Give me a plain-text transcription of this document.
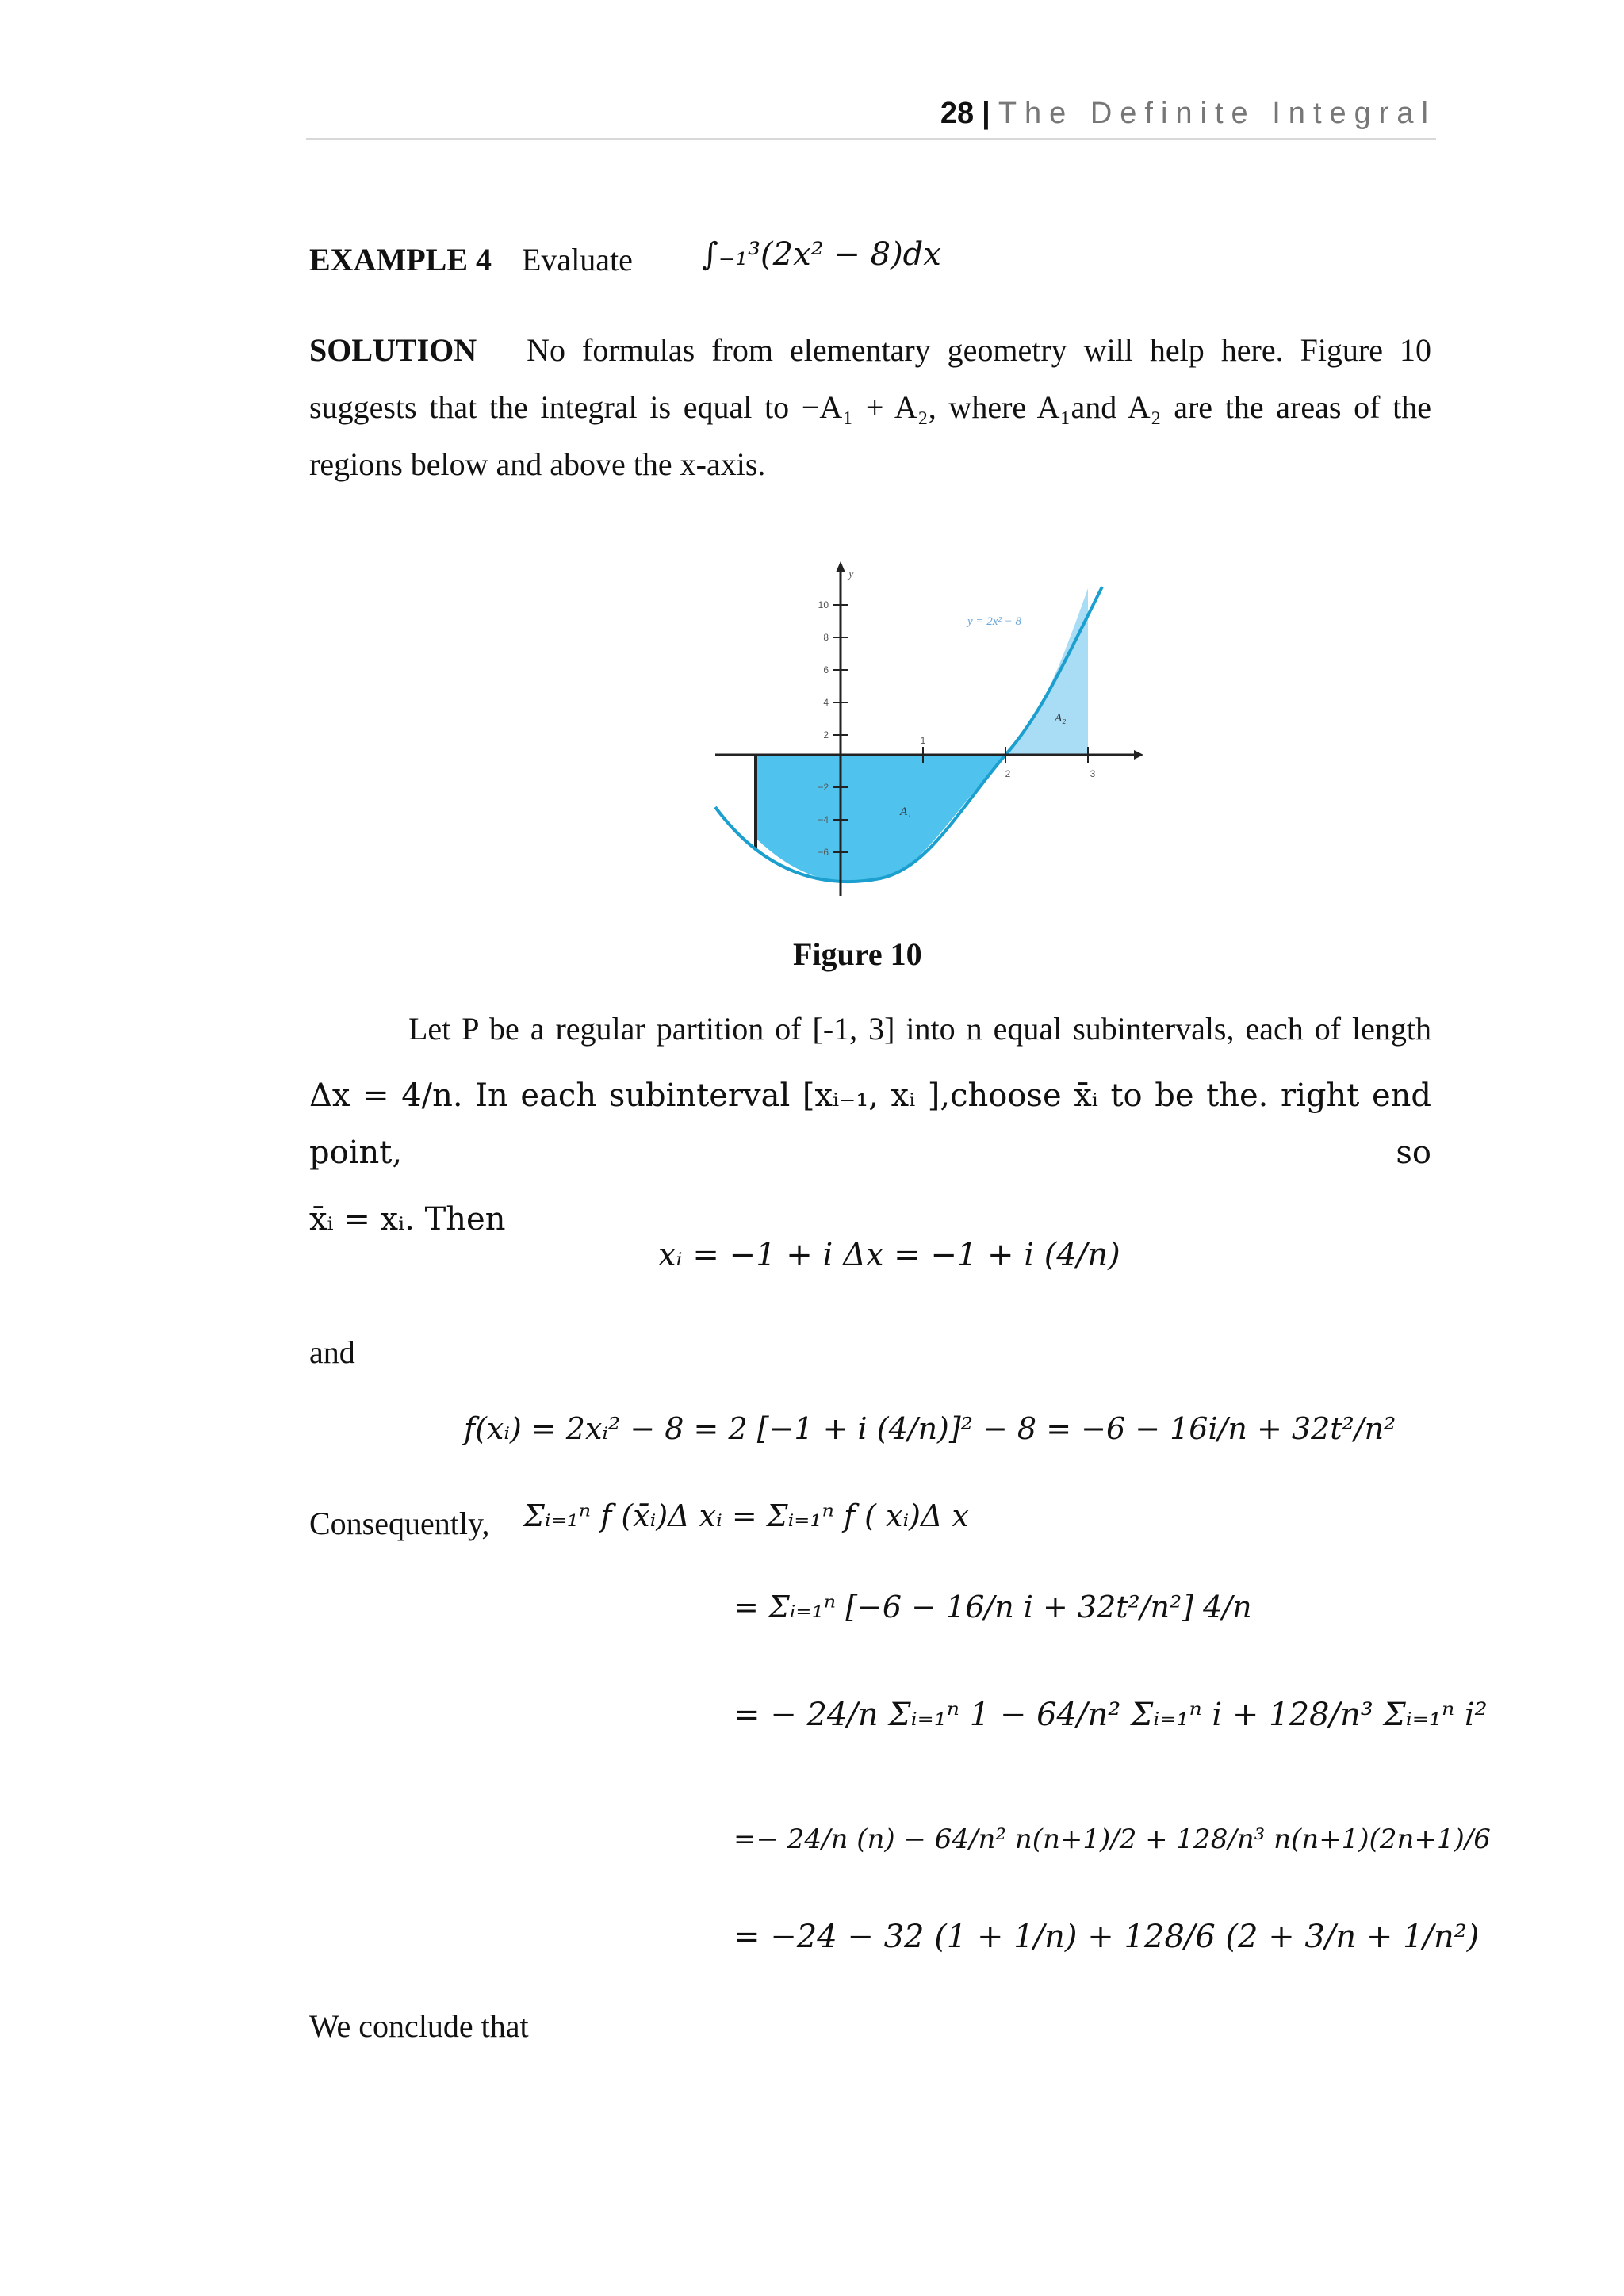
28 | The Definite Integral
EXAMPLE 4 Evaluate ∫₋₁³(2x² − 8)dx
SOLUTION No formulas from elementary geometry will help here. Figure 10
suggests that the integral is equal to −A₁ + A₂, where A₁and A₂ are the areas of the
regions below and above the x-axis.
y
10
8
6
4
2
−2
−4
−6
1
2	3
y = 2x² − 8
A₂
A₁
Figure 10
Let P be a regular partition of [-1, 3] into n equal subintervals, each of length
Δx = 4/n. In each subinterval [xᵢ₋₁, xᵢ ],choose x̄ᵢ to be the. right end point, so
x̄ᵢ = xᵢ. Then
xᵢ = −1 + i Δx = −1 + i (4/n)
and
f(xᵢ) = 2xᵢ² − 8 = 2 [−1 + i (4/n)]² − 8 = −6 − 16i/n + 32t²/n²
Consequently, Σᵢ₌₁ⁿ f (x̄ᵢ)Δ xᵢ = Σᵢ₌₁ⁿ f ( xᵢ)Δ x
= Σᵢ₌₁ⁿ [−6 − 16/n i + 32t²/n²] 4/n
= − 24/n Σᵢ₌₁ⁿ 1 − 64/n² Σᵢ₌₁ⁿ i + 128/n³ Σᵢ₌₁ⁿ i²
=− 24/n (n) − 64/n² n(n+1)/2 + 128/n³ n(n+1)(2n+1)/6
= −24 − 32 (1 + 1/n) + 128/6 (2 + 3/n + 1/n²)
We conclude that
